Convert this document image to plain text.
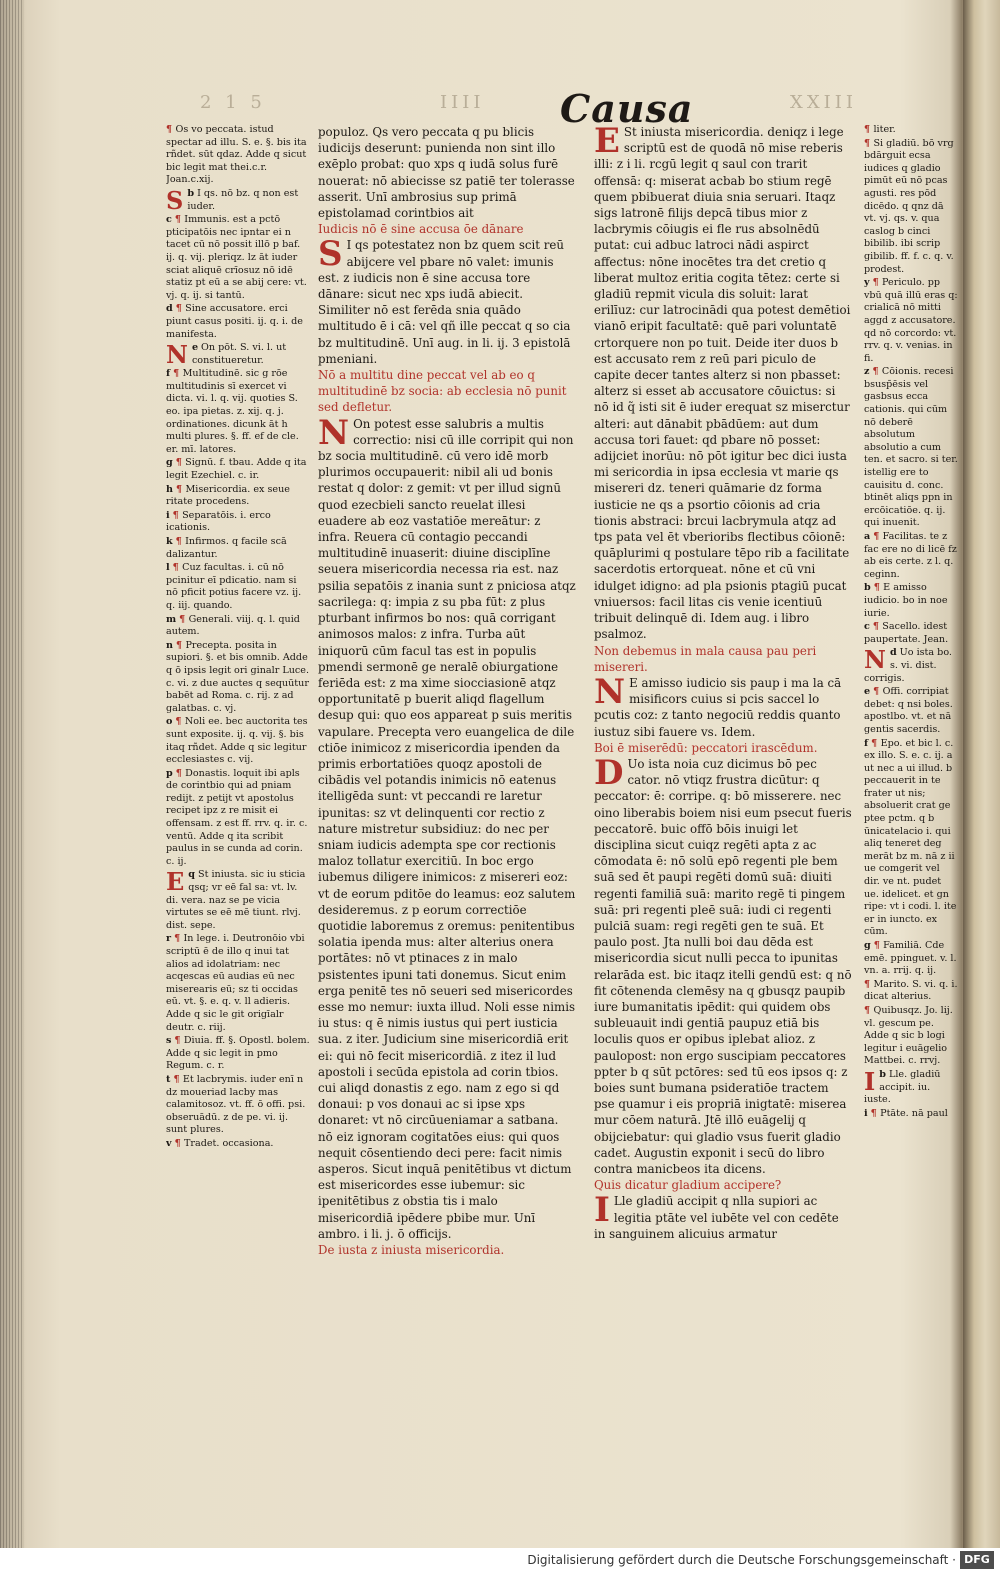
2 1 5	IIII	XXIII
Causa

¶ Os vo peccata. istud spectar ad illu. S. e. §. bis ita rñdet. sūt qdaz. Adde q sicut bic legit mat thei.c.r. Joan.c.xij.

b
S I qs. nō bz. q non est iuder.

c ¶ Immunis. est a pctō pticipatōis nec ipntar ei n tacet cū nō possit illō p baf. ij. q. vij. pleriqz. lz āt iuder sciat aliquē crīosuz nō idē statiz pt eū a se abij cere: vt. vj. q. ij. si tantū.

d ¶ Sine accusatore. erci piunt casus positi. ij. q. i. de manifesta.

e
N On pōt. S. vi. l. ut constitueretur.

f ¶ Multitudinē. sic g rōe multitudinis sī exercet vi dicta. vi. l. q. vij. quoties S. eo. ipa pietas. z. xij. q. j. ordinationes. dicunk āt h multi plures. §. ff. ef de cle. er. mī. latores.

g ¶ Signū. f. tbau. Adde q ita legit Ezechiel. c. ir.

h ¶ Misericordia. ex seue ritate procedens.

i ¶ Separatōis. i. erco icationis.

k ¶ Infirmos. q facile scā dalizantur.

l ¶ Cuz facultas. i. cū nō pcinitur eī pdicatio. nam si nō pficit potius facere vz. ij. q. iij. quando.

m ¶ Generali. viij. q. l. quid autem.

n ¶ Precepta. posita in supiori. §. et bis omnib. Adde q ō ipsis legit ori ginalr Luce. c. vi. z due auctes q sequūtur babēt ad Roma. c. rij. z ad galatbas. c. vj.

o ¶ Noli ee. bec auctorita tes sunt exposite. ij. q. vij. §. bis itaq rñdet. Adde q sic legitur ecclesiastes c. vij.

p ¶ Donastis. loquit ibi apls de corintbio qui ad pniam redijt. z petijt vt apostolus recipet ipz z re misit ei offensam. z est ff. rrv. q. ir. c. ventū. Adde q ita scribit paulus in se cunda ad corin. c. ij.

q
E St iniusta. sic iu sticia qsq; vr eē fal sa: vt. lv. di. vera. naz se pe vicia virtutes se eē mē tiunt. rlvj. dist. sepe.

r ¶ In lege. i. Deutronōio vbi scriptū ē de illo q inui tat alios ad idolatriam: nec acqescas eū audias eū nec miserearis eū; sz ti occidas eū. vt. §. e. q. v. ll adieris. Adde q sic le git origīalr deutr. c. riij.

s ¶ Diuia. ff. §. Opostl. bolem. Adde q sic legit in pmo Regum. c. r.

t ¶ Et lacbrymis. iuder enī n dz moueriad lacby mas calamitosoz. vt. ff. ō offi. psi. obseruādū. z de pe. vi. ij. sunt plures.

v ¶ Tradet. occasiona.

populoz. Qs vero peccata q pu blicis iudicijs deserunt: punienda non sint illo exēplo probat: quo xps q iudā solus furē nouerat: nō abiecisse sz patiē ter tolerasse asserit. Unī ambrosius sup primā epistolamad corintbios ait

Iudicis nō ē sine accusa ōe dānare

S I qs potestatez non bz quem scit reū abijcere vel pbare nō valet: imunis est. z iudicis non ē sine accusa tore dānare: sicut nec xps iudā abiecit. Similiter nō est ferēda snia quādo multitudo ē i cā: vel qñ ille peccat q so cia bz multitudinē. Unī aug. in li. ij. 3 epistolā pmeniani.

Nō a multitu dine peccat vel ab eo q multitudinē bz socia: ab ecclesia nō punit sed defletur.

N On potest esse salubris a multis correctio: nisi cū ille corripit qui non bz socia multitudinē. cū vero idē morb plurimos occupauerit: nibil ali ud bonis restat q dolor: z gemit: vt per illud signū quod ezecbieli sancto reuelat illesi euadere ab eoz vastatiōe mereātur: z infra. Reuera cū contagio peccandi multitudinē inuaserit: diuine disciplīne seuera misericordia necessa ria est. naz psilia sepatōis z inania sunt z pniciosa atqz sacrilega: q: impia z su pba fūt: z plus pturbant infirmos bo nos: quā corrigant animosos malos: z infra. Turba aūt iniquorū cūm facul tas est in populis pmendi sermonē ge neralē obiurgatione feriēda est: z ma xime siocciasionē atqz opportunitatē p buerit aliqd flagellum desup qui: quo eos appareat p suis meritis vapulare. Precepta vero euangelica de dile ctiōe inimicoz z misericordia ipenden da primis erbortatiōes quoqz apostoli de cibādis vel potandis inimicis nō eatenus itelligēda sunt: vt peccandi re laretur ipunitas: sz vt delinquenti cor rectio z nature mistretur subsidiuz: do nec per sniam iudicis adempta spe cor rectionis maloz tollatur exercitiū. In boc ergo iubemus diligere inimicos: z misereri eoz: vt de eorum pditōe do leamus: eoz salutem desideremus. z p eorum correctiōe quotidie laboremus z oremus: penitentibus solatia ipenda mus: alter alterius onera portātes: nō vt ptinaces z in malo psistentes ipuni tati donemus. Sicut enim erga penitē tes nō seueri sed misericordes esse mo nemur: iuxta illud. Noli esse nimis iu stus: q ē nimis iustus qui pert iusticia sua. z iter. Judicium sine misericordiā erit ei: qui nō fecit misericordiā. z itez il lud apostoli i secūda epistola ad corin tbios. cui aliqd donastis z ego. nam z ego si qd donaui: p vos donaui ac si ipse xps donaret: vt nō circūueniamar a satbana. nō eiz ignoram cogitatōes eius: qui quos nequit cōsentiendo deci pere: facit nimis asperos. Sicut inquā penitētibus vt dictum est misericordes esse iubemur: sic ipenitētibus z obstia tis i malo misericordiā ipēdere pbibe mur. Unī ambro. i li. j. ō officijs.

De iusta z iniusta misericordia.

E St iniusta misericordia. deniqz i lege scriptū est de quodā nō mise reberis illi: z i li. rcgū legit q saul con trarit offensā: q: miserat acbab bo stium regē quem pbibuerat diuia snia seruari. Itaqz sigs latronē filijs depcā tibus mior z lacbrymis cōiugis ei fle rus absolnēdū putat: cui adbuc latroci nādi aspirct affectus: nōne inocētes tra det cretio q liberat multoz eritia cogita tētez: certe si gladiū repmit vicula dis soluit: larat erilīuz: cur latrocinādi qua potest demētioi vianō eripit facultatē: quē pari voluntatē crtorquere non po tuit. Deide iter duos b est accusato rem z reū pari piculo de capite decer tantes alterz si non pbasset: alterz si esset ab accusatore cōuictus: si nō id q̃ isti sit ē iuder erequat sz miserctur alteri: aut dānabit pbādūem: aut dum accusa tori fauet: qd pbare nō posset: adijciet inorūu: nō pōt igitur bec dici iusta mi sericordia in ipsa ecclesia vt marie qs misereri dz. teneri quāmarie dz forma iusticie ne qs a psortio cōionis ad cria tionis abstraci: brcui lacbrymula atqz ad tps pata vel ēt vberioribs flectibus cōionē: quāplurimi q postulare tēpo rib a facilitate sacerdotis ertorqueat. nōne et cū vni idulget idigno: ad pla psionis ptagiū pucat vniuersos: facil litas cis venie icentiuū tribuit delinquē di. Idem aug. i libro psalmoz.

Non debemus in mala causa pau peri misereri.

N E amisso iudicio sis paup i ma la cā misificors cuius si pcis saccel lo pcutis coz: z tanto negociū reddis quanto iustuz sibi fauere vs. Idem.

Boi ē miserēdū: peccatori irascēdum.

D Uo ista noia cuz dicimus bō pec cator. nō vtiqz frustra dicūtur: q peccator: ē: corripe. q: bō misserere. nec oino liberabis boiem nisi eum psecut fueris peccatorē. buic offō bōis inuigi let disciplina sicut cuiqz regēti apta z ac cōmodata ē: nō solū epō regenti ple bem suā sed ēt paupi regēti domū suā: diuiti regenti familiā suā: marito regē ti pingem suā: pri regenti pleē suā: iudi ci regenti pulciā suam: regi regēti gen te suā. Et paulo post. Jta nulli boi dau dēda est misericordia sicut nulli pecca to ipunitas relarāda est. bic itaqz itelli gendū est: q nō fit cōtenenda clemēsy na q gbusqz paupib iure bumanitatis ipēdit: qui quidem obs subleuauit indi gentiā paupuz etiā bis loculis quos er opibus iplebat alioz. z paulopost: non ergo suscipiam peccatores ppter b q sūt pctōres: sed tū eos ipsos q: z boies sunt bumana psideratiōe tractem pse quamur i eis propriā inigtatē: miserea mur cōem naturā. Jtē illō euāgelij q obijciebatur: qui gladio vsus fuerit gladio cadet. Augustin exponit i secū do libro contra manicbeos ita dicens.

Quis dicatur gladium accipere?

I Lle gladiū accipit q nlla supiori ac legitia ptāte vel iubēte vel con cedēte in sanguinem alicuius armatur

¶ liter.

¶ Si gladiū. bō vrg bdārguit ecsa iudices q gladio pimūt eū nō pcas agusti. res pōd dicēdo. q qnz dā vt. vj. qs. v. qua caslog b cinci bibilib. ibi scrip gibilib. ff. f. c. q. v. prodest.

y ¶ Periculo. pp vbū quā illū eras q: crialicā nō mitti aggd z accusatore. qd nō corcordo: vt. rrv. q. v. venias. in fi.

z ¶ Cōionis. recesi bsusp̄ēsis vel gasbsus ecca cationis. qui cūm nō deberē absolutum absolutio a cum ten. et sacro. si ter. istellig ere to cauisitu d. conc. btinēt aliqs ppn in ercōicatiōe. q. ij. qui inuenit.

a ¶ Facilitas. te z fac ere no di licē fz ab eis certe. z l. q. ceginn.

b ¶ E amisso iudicio. bo in noe iurie.

c ¶ Sacello. idest paupertate. Jean.

d
N Uo ista bo. s. vi. dist. corrigis.

e ¶ Offi. corripiat debet: q nsi boles. apostlbo. vt. et nā gentis sacerdis.

f ¶ Epo. et bic l. c. ex illo. S. e. c. ij. a ut nec a ui illud. b peccauerit in te frater ut nis; absoluerit crat ge ptee pctm. q b ūnicatelacio i. qui aliq teneret deg merāt bz m. nā z ii ue comgerit vel dir. ve nt. pudet ue. idelicet. et gn ripe: vt i codi. l. ite er in iuncto. ex cūm.

g ¶ Familiā. Cde emē. ppinguet. v. l. vn. a. rrij. q. ij.

¶ Marito. S. vi. q. i. dicat alterius.

¶ Quibusqz. Jo. lij. vl. gescum pe. Adde q sic b logi legitur i euāgelio Mattbei. c. rrvj.

b
I Lle. gladiū accipit. iu. iuste.

i ¶ Ptāte. nā paul

Digitalisierung gefördert durch die Deutsche Forschungsgemeinschaft · DFG
